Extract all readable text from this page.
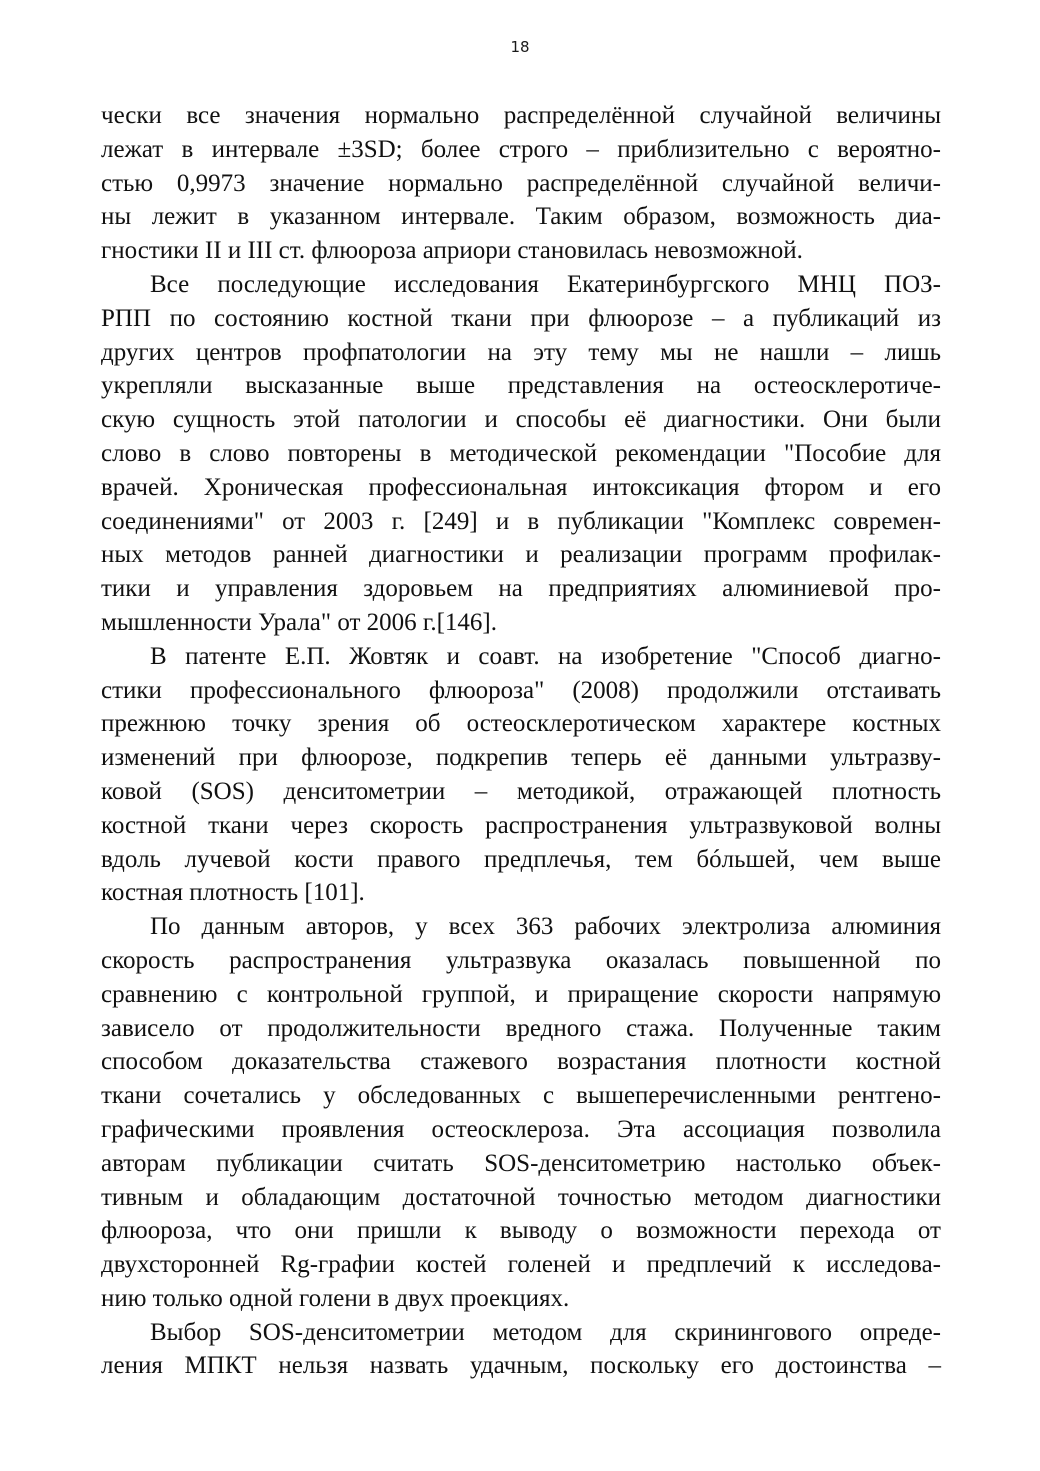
18
чески все значения нормально распределённой случайной величины
лежат в интервале ±3SD; более строго – приблизительно с вероятно-
стью 0,9973 значение нормально распределённой случайной величи-
ны лежит в указанном интервале. Таким образом, возможность диа-
гностики II и III ст. флюороза априори становилась невозможной.
Все последующие исследования Екатеринбургского МНЦ ПОЗ-
РПП по состоянию костной ткани при флюорозе – а публикаций из
других центров профпатологии на эту тему мы не нашли – лишь
укрепляли высказанные выше представления на остеосклеротиче-
скую сущность этой патологии и способы её диагностики. Они были
слово в слово повторены в методической рекомендации "Пособие для
врачей. Хроническая профессиональная интоксикация фтором и его
соединениями" от 2003 г. [249] и в публикации "Комплекс современ-
ных методов ранней диагностики и реализации программ профилак-
тики и управления здоровьем на предприятиях алюминиевой про-
мышленности Урала" от 2006 г.[146].
В патенте Е.П. Жовтяк и соавт. на изобретение "Способ диагно-
стики профессионального флюороза" (2008) продолжили отстаивать
прежнюю точку зрения об остеосклеротическом характере костных
изменений при флюорозе, подкрепив теперь её данными ультразву-
ковой (SOS) денситометрии – методикой, отражающей плотность
костной ткани через скорость распространения ультразвуковой волны
вдоль лучевой кости правого предплечья, тем бóльшей, чем выше
костная плотность [101].
По данным авторов, у всех 363 рабочих электролиза алюминия
скорость распространения ультразвука оказалась повышенной по
сравнению с контрольной группой, и приращение скорости напрямую
зависело от продолжительности вредного стажа. Полученные таким
способом доказательства стажевого возрастания плотности костной
ткани сочетались у обследованных с вышеперечисленными рентгено-
графическими проявления остеосклероза. Эта ассоциация позволила
авторам публикации считать SOS-денситометрию настолько объек-
тивным и обладающим достаточной точностью методом диагностики
флюороза, что они пришли к выводу о возможности перехода от
двухсторонней Rg-графии костей голеней и предплечий к исследова-
нию только одной голени в двух проекциях.
Выбор SOS-денситометрии методом для скринингового опреде-
ления МПКТ нельзя назвать удачным, поскольку его достоинства –
